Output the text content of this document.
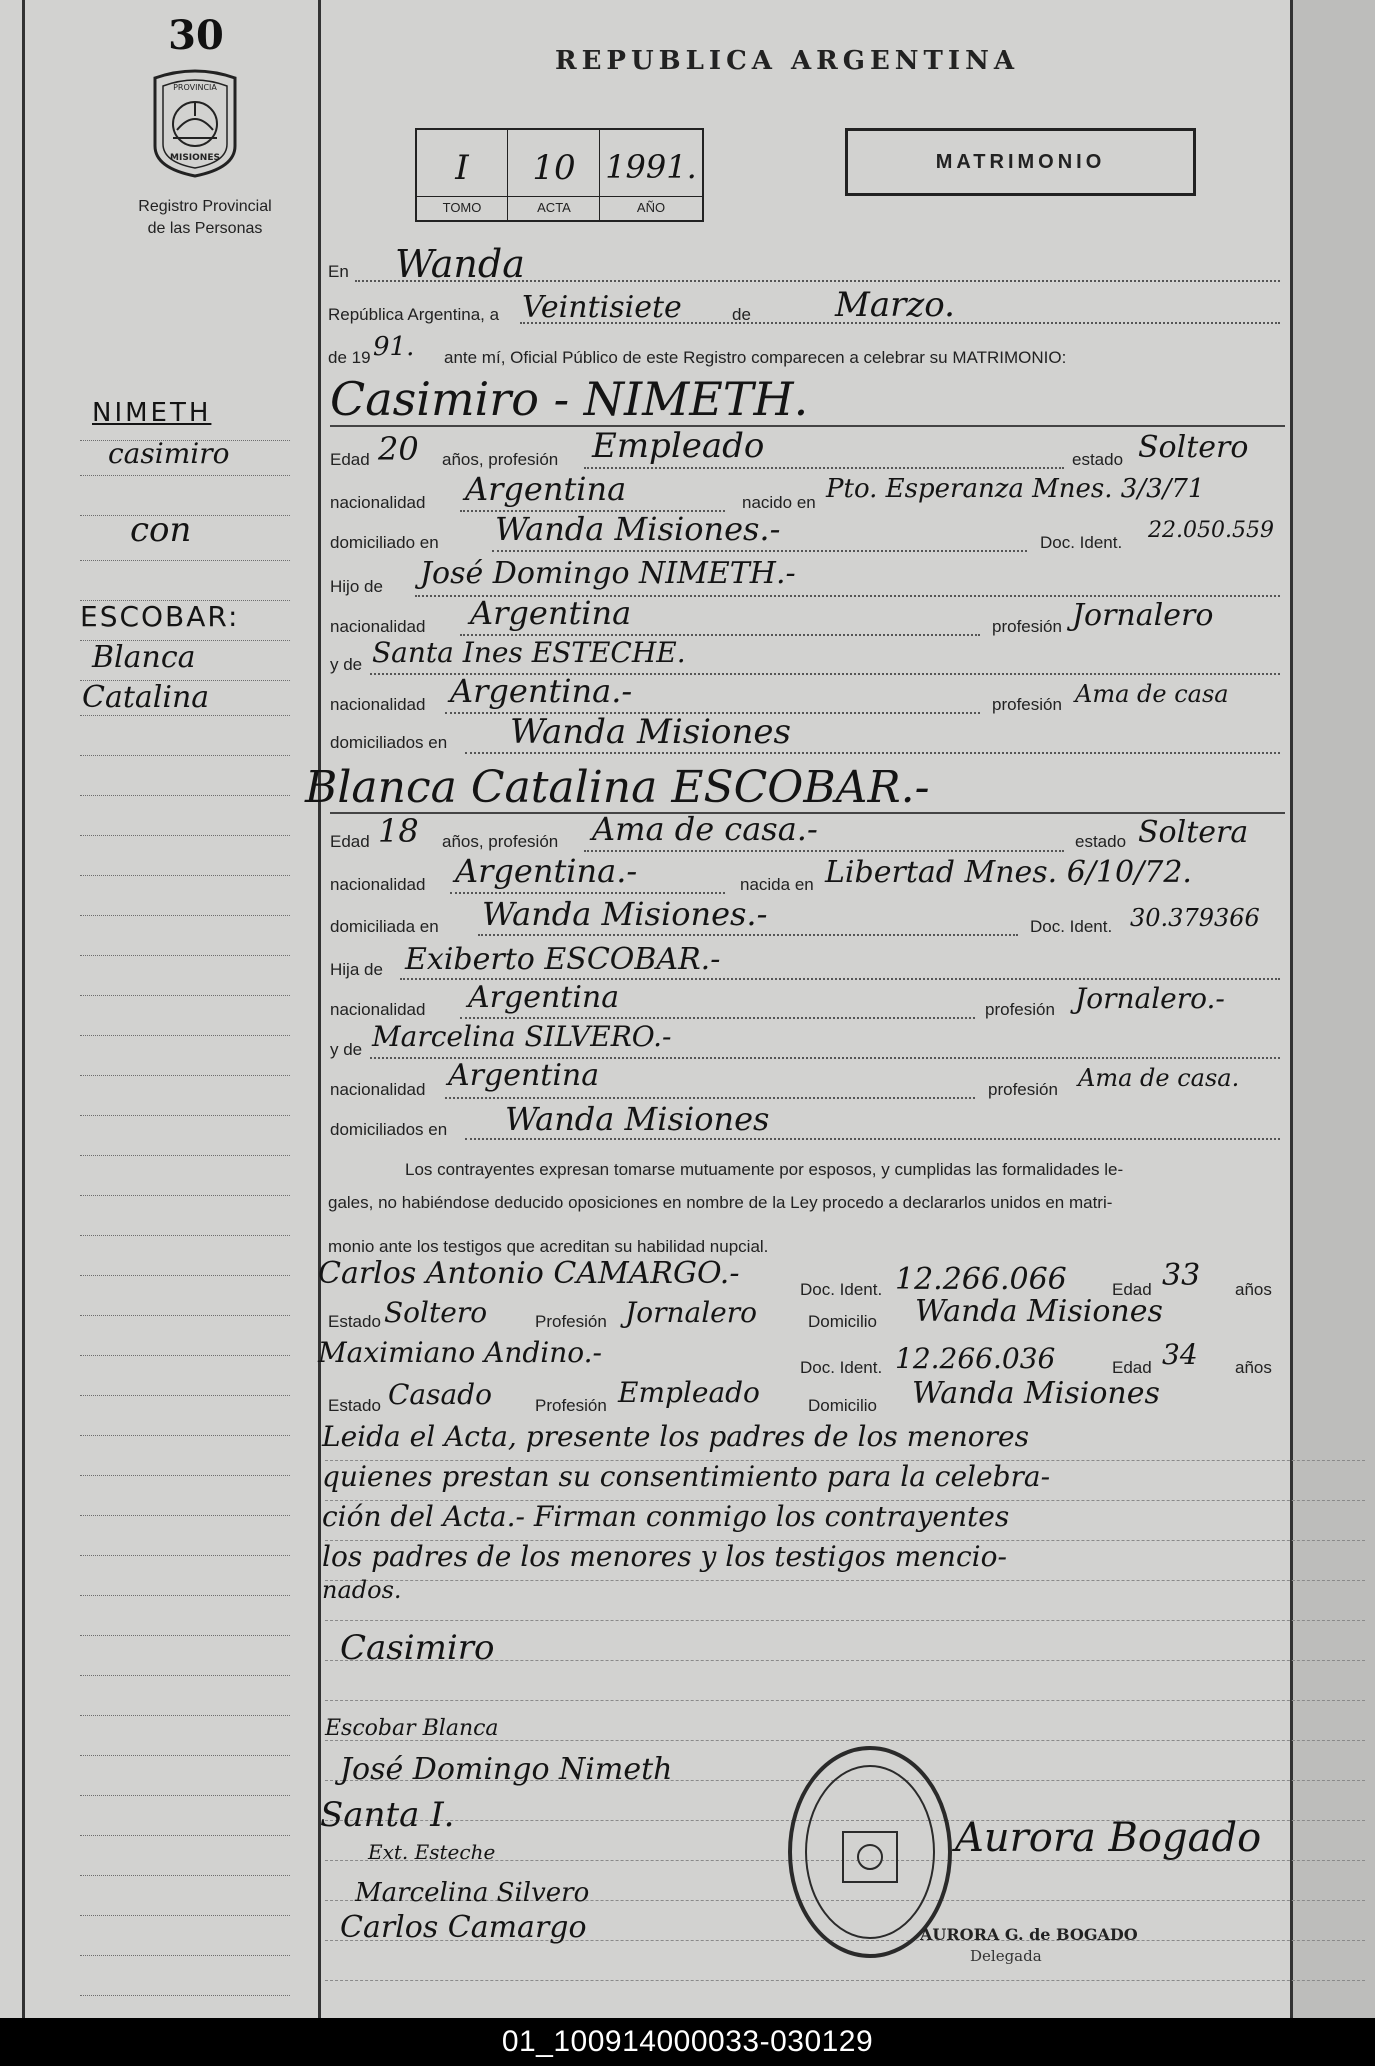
30
PROVINCIA
MISIONES
Registro Provincial
de las Personas
REPUBLICA ARGENTINA
I
TOMO
10
ACTA
1991.
AÑO
MATRIMONIO
NIMETH
casimiro
con
ESCOBAR:
Blanca
Catalina
En Wanda
República Argentina, a Veintisiete	de Marzo.
de 19 91. ante mí, Oficial Público de este Registro comparecen a celebrar su MATRIMONIO:
Casimiro - NIMETH.
Edad 20 años, profesión Empleado	estado Soltero
nacionalidad Argentina	nacido en Pto. Esperanza Mnes. 3/3/71
domiciliado en Wanda Misiones.-	Doc. Ident. 22.050.559
Hijo de José Domingo NIMETH.-
nacionalidad Argentina	profesión Jornalero
y de Santa Ines ESTECHE.
nacionalidad Argentina.-	profesión Ama de casa
domiciliados en Wanda Misiones
Blanca Catalina ESCOBAR.-
Edad 18 años, profesión Ama de casa.-	estado Soltera
nacionalidad Argentina.-	nacida en Libertad Mnes. 6/10/72.
domiciliada en Wanda Misiones.-	Doc. Ident. 30.379366
Hija de Exiberto ESCOBAR.-
nacionalidad Argentina	profesión Jornalero.-
y de Marcelina SILVERO.-
nacionalidad Argentina	profesión Ama de casa.
domiciliados en Wanda Misiones
Los contrayentes expresan tomarse mutuamente por esposos, y cumplidas las formalidades le-
gales, no habiéndose deducido oposiciones en nombre de la Ley procedo a declararlos unidos en matri-
monio ante los testigos que acreditan su habilidad nupcial.
Carlos Antonio CAMARGO.-	Doc. Ident. 12.266.066	Edad 33 años
Estado Soltero	Profesión Jornalero	Domicilio Wanda Misiones
Maximiano Andino.-	Doc. Ident. 12.266.036	Edad 34 años
Estado Casado	Profesión Empleado	Domicilio Wanda Misiones
Leida el Acta, presente los padres de los menores
quienes prestan su consentimiento para la celebra-
ción del Acta.- Firman conmigo los contrayentes
los padres de los menores y los testigos mencio-
nados.
Casimiro
Escobar Blanca
José Domingo Nimeth
Santa I.
Ext. Esteche
Marcelina Silvero
Carlos Camargo
Aurora Bogado
AURORA G. de BOGADO
Delegada
01_100914000033-030129
